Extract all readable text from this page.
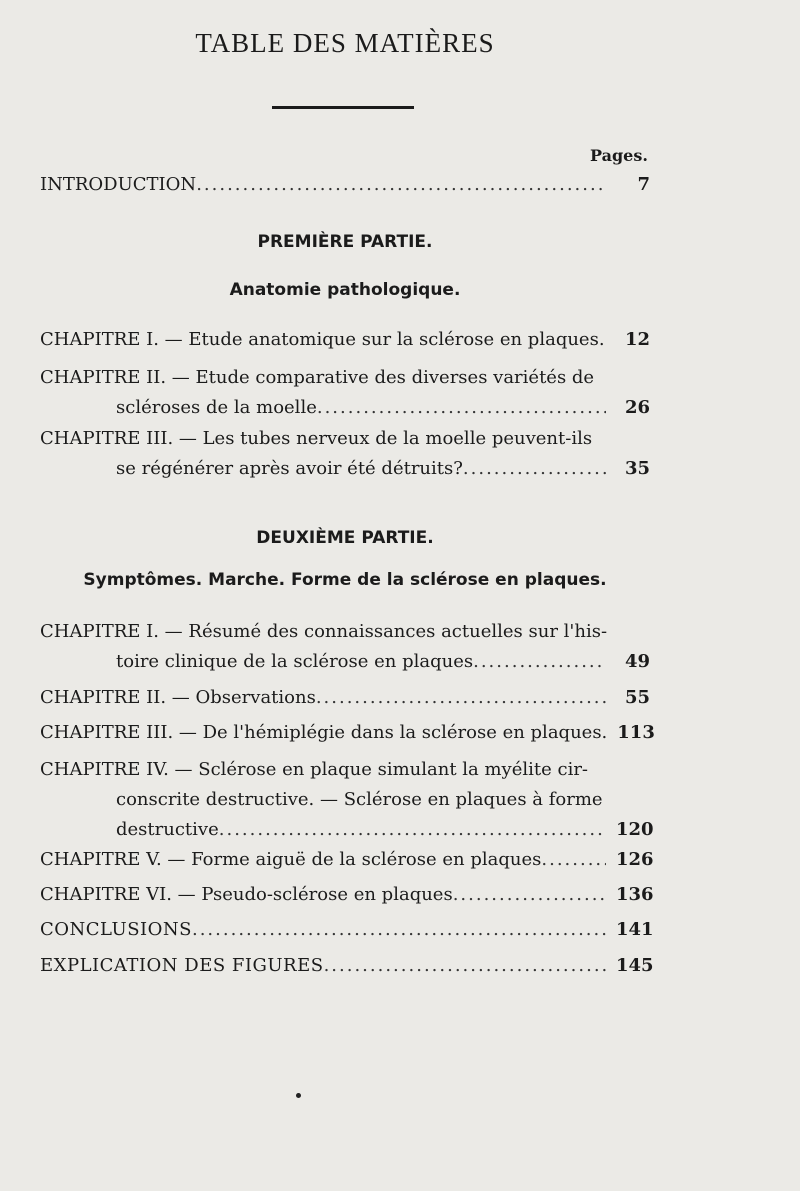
TABLE DES MATIÈRES
Pages.
INTRODUCTION .....	7
PREMIÈRE PARTIE.
Anatomie pathologique.
CHAPITRE I. — Etude anatomique sur la sclérose en plaques.	12
CHAPITRE II. — Etude comparative des diverses variétés de
scléroses de la moelle .....	26
CHAPITRE III. — Les tubes nerveux de la moelle peuvent-ils
se régénérer après avoir été détruits? .....	35
DEUXIÈME PARTIE.
Symptômes. Marche. Forme de la sclérose en plaques.
CHAPITRE I. — Résumé des connaissances actuelles sur l'his-
toire clinique de la sclérose en plaques .....	49
CHAPITRE II. — Observations .....	55
CHAPITRE III. — De l'hémiplégie dans la sclérose en plaques. 113
CHAPITRE IV. — Sclérose en plaque simulant la myélite cir-
conscrite destructive. — Sclérose en plaques à forme
destructive .....	120
CHAPITRE V. — Forme aiguë de la sclérose en plaques .....	126
CHAPITRE VI. — Pseudo-sclérose en plaques .....	136
CONCLUSIONS .....	141
EXPLICATION DES FIGURES .....	145
